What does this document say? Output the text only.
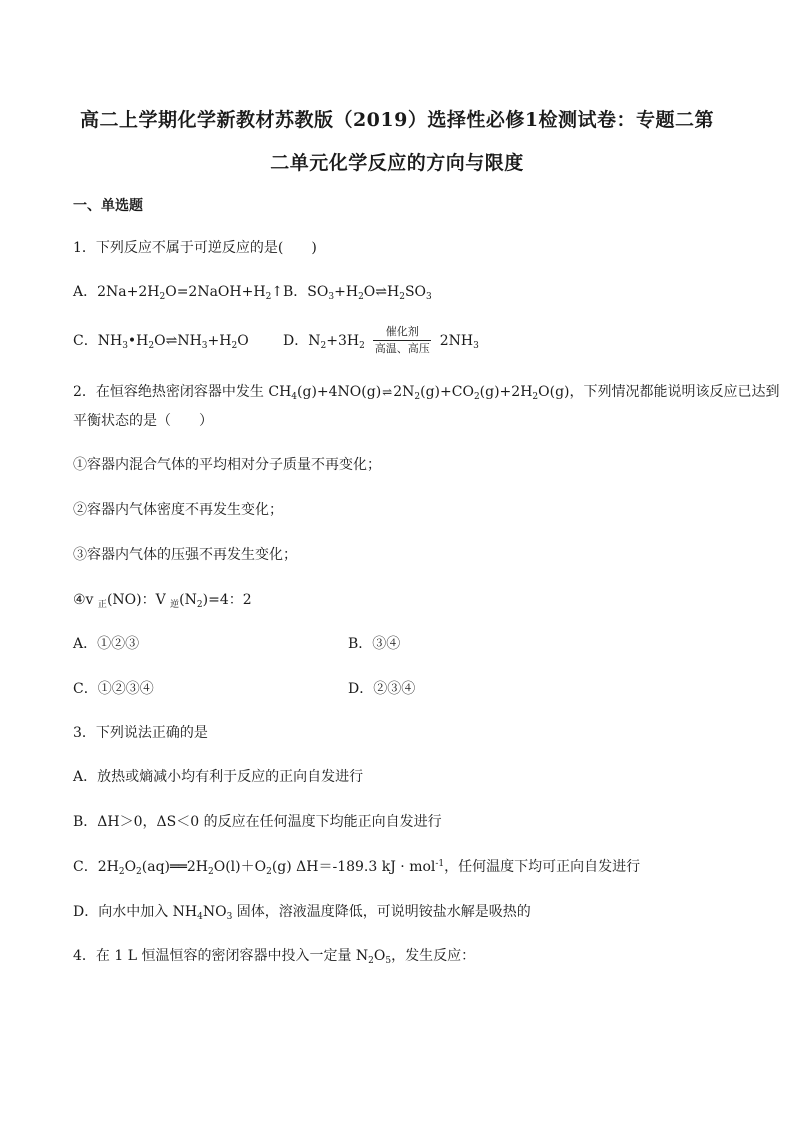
高二上学期化学新教材苏教版（2019）选择性必修1检测试卷：专题二第
二单元化学反应的方向与限度
一、单选题
1．下列反应不属于可逆反应的是(　　)
A．$2Na+2H_2O=2NaOH+H_2↑$ B．$SO_3+H_2O\rightleftharpoons H_2SO_3$
C．$NH_3•H_2O\rightleftharpoons NH_3+H_2O$ D．$N_2+3H_2$
催化剂
高温、高压 $2NH_3$
2．在恒容绝热密闭容器中发生 $CH_4(g)+4NO(g)\rightleftharpoons 2N_2(g)+CO_2(g)+2H_2O(g)$，下列情况都能说明该反应已达到
平衡状态的是（　　）
①容器内混合气体的平均相对分子质量不再变化；
②容器内气体密度不再发生变化；
③容器内气体的压强不再发生变化；
④v $_正$(NO)：V $_逆(N_2)=4$：2
A．①②③	B．③④
C．①②③④	D．②③④
3．下列说法正确的是
A．放热或熵减小均有利于反应的正向自发进行
B．ΔH＞0，ΔS＜0 的反应在任何温度下均能正向自发进行
C．$2H_2O_2(aq)══2H_2O(l)+O_2(g)$ ΔH＝-189.3 kJ · mol$^{-1}$，任何温度下均可正向自发进行
D．向水中加入 $NH_4NO_3$ 固体，溶液温度降低，可说明铵盐水解是吸热的
4．在 1 L 恒温恒容的密闭容器中投入一定量 $N_2O_5$，发生反应：
